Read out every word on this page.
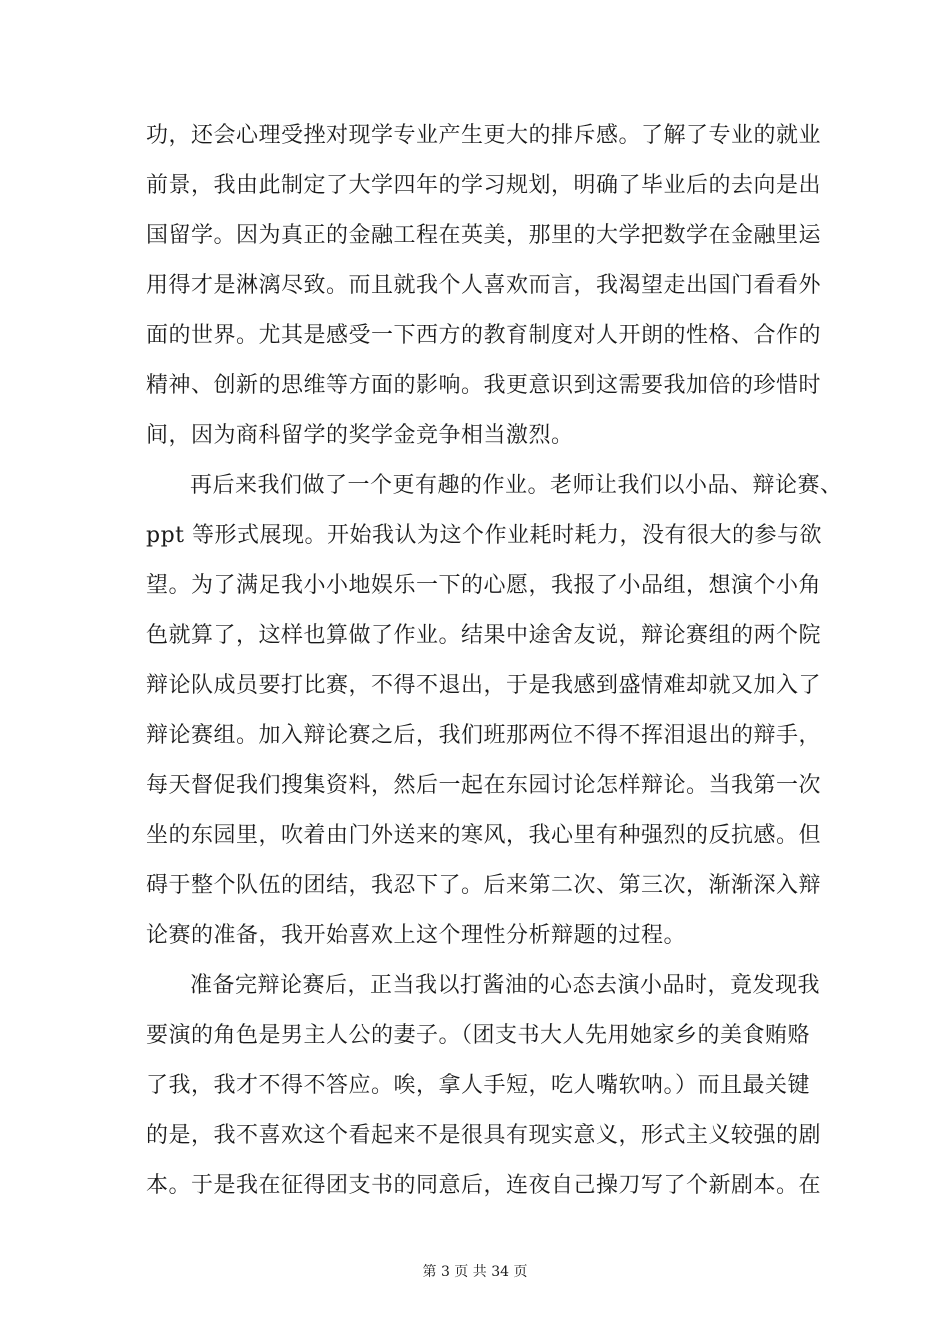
功，还会心理受挫对现学专业产生更大的排斥感。了解了专业的就业
前景，我由此制定了大学四年的学习规划，明确了毕业后的去向是出
国留学。因为真正的金融工程在英美，那里的大学把数学在金融里运
用得才是淋漓尽致。而且就我个人喜欢而言，我渴望走出国门看看外
面的世界。尤其是感受一下西方的教育制度对人开朗的性格、合作的
精神、创新的思维等方面的影响。我更意识到这需要我加倍的珍惜时
间，因为商科留学的奖学金竞争相当激烈。
再后来我们做了一个更有趣的作业。老师让我们以小品、辩论赛、
ppt 等形式展现。开始我认为这个作业耗时耗力，没有很大的参与欲
望。为了满足我小小地娱乐一下的心愿，我报了小品组，想演个小角
色就算了，这样也算做了作业。结果中途舍友说，辩论赛组的两个院
辩论队成员要打比赛，不得不退出，于是我感到盛情难却就又加入了
辩论赛组。加入辩论赛之后，我们班那两位不得不挥泪退出的辩手，
每天督促我们搜集资料，然后一起在东园讨论怎样辩论。当我第一次
坐的东园里，吹着由门外送来的寒风，我心里有种强烈的反抗感。但
碍于整个队伍的团结，我忍下了。后来第二次、第三次，渐渐深入辩
论赛的准备，我开始喜欢上这个理性分析辩题的过程。
准备完辩论赛后，正当我以打酱油的心态去演小品时，竟发现我
要演的角色是男主人公的妻子。（团支书大人先用她家乡的美食贿赂
了我，我才不得不答应。唉，拿人手短，吃人嘴软呐。）而且最关键
的是，我不喜欢这个看起来不是很具有现实意义，形式主义较强的剧
本。于是我在征得团支书的同意后，连夜自己操刀写了个新剧本。在
第 3 页 共 34 页
